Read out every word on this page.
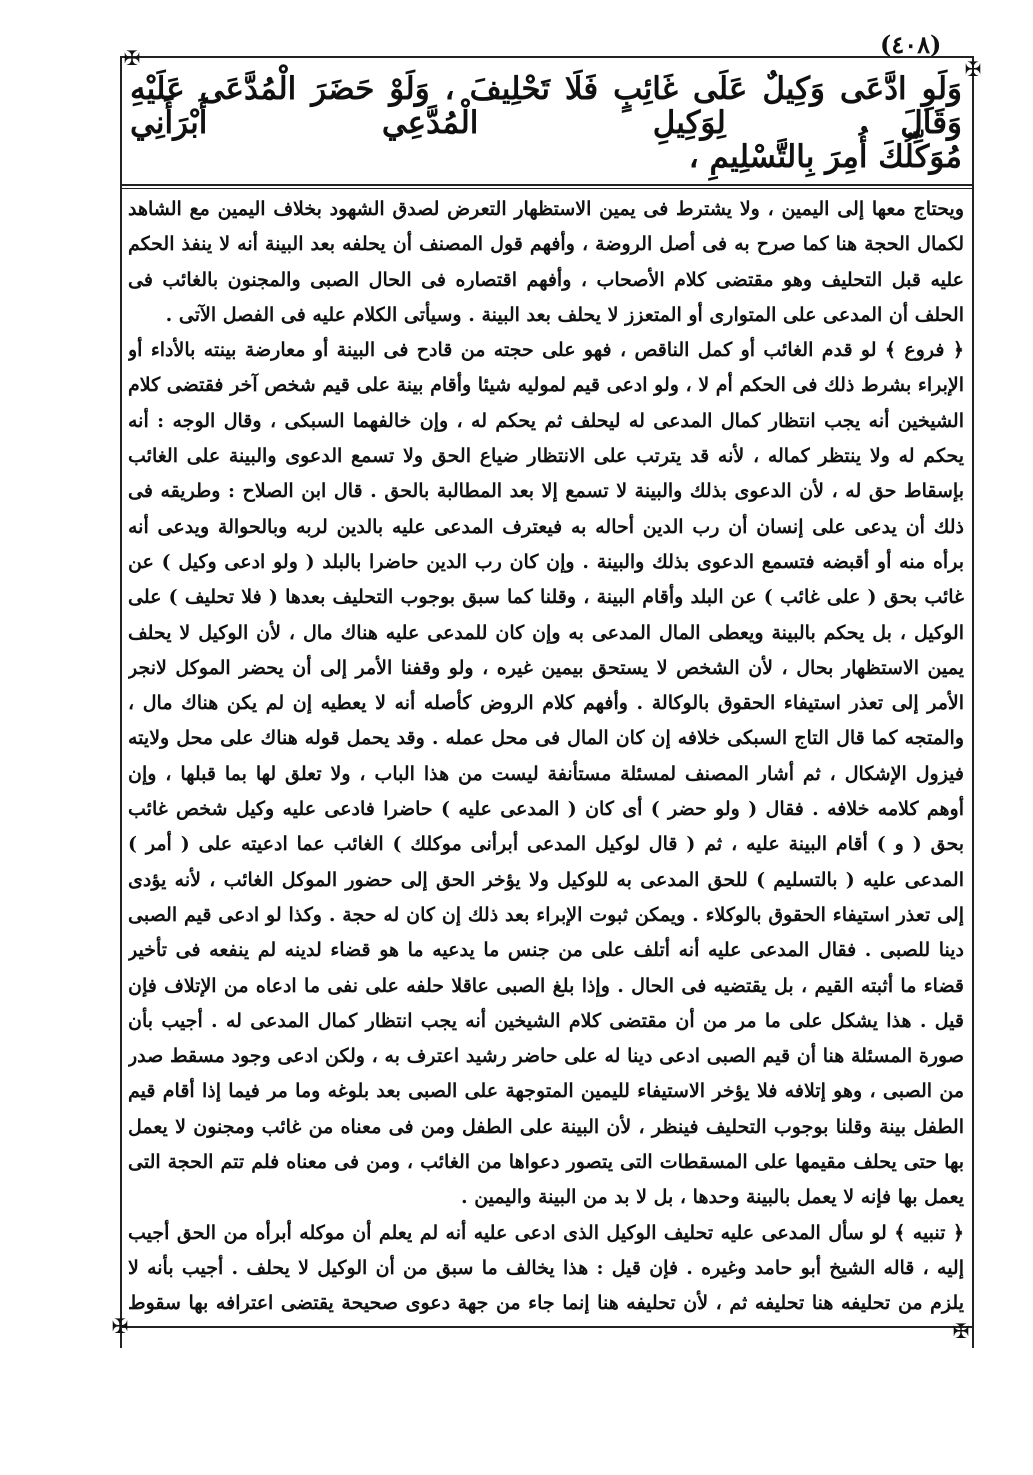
(٤٠٨)
✠	✠
✠	✠
وَلَوِ ادَّعَى وَكِيلٌ عَلَى غَائِبٍ فَلَا تَحْلِيفَ ، وَلَوْ حَضَرَ الْمُدَّعَى عَلَيْهِ وَقَالَ لِوَكِيلِ الْمُدَّعِي أَبْرَأَنِي
مُوَكِّلُكَ أُمِرَ بِالتَّسْلِيمِ ،

ويحتاج معها إلى اليمين ، ولا يشترط فى يمين الاستظهار التعرض لصدق الشهود بخلاف اليمين مع الشاهد لكمال الحجة هنا كما صرح به فى أصل الروضة ، وأفهم قول المصنف أن يحلفه بعد البينة أنه لا ينفذ الحكم عليه قبل التحليف وهو مقتضى كلام الأصحاب ، وأفهم اقتصاره فى الحال الصبى والمجنون بالغائب فى الحلف أن المدعى على المتوارى أو المتعزز لا يحلف بعد البينة . وسيأتى الكلام عليه فى الفصل الآتى .

﴿ فروع ﴾ لو قدم الغائب أو كمل الناقص ، فهو على حجته من قادح فى البينة أو معارضة بينته بالأداء أو الإبراء بشرط ذلك فى الحكم أم لا ، ولو ادعى قيم لموليه شيئا وأقام بينة على قيم شخص آخر فقتضى كلام الشيخين أنه يجب انتظار كمال المدعى له ليحلف ثم يحكم له ، وإن خالفهما السبكى ، وقال الوجه : أنه يحكم له ولا ينتظر كماله ، لأنه قد يترتب على الانتظار ضياع الحق ولا تسمع الدعوى والبينة على الغائب بإسقاط حق له ، لأن الدعوى بذلك والبينة لا تسمع إلا بعد المطالبة بالحق . قال ابن الصلاح : وطريقه فى ذلك أن يدعى على إنسان أن رب الدين أحاله به فيعترف المدعى عليه بالدين لربه وبالحوالة ويدعى أنه برأه منه أو أقبضه فتسمع الدعوى بذلك والبينة . وإن كان رب الدين حاضرا بالبلد ( ولو ادعى وكيل ) عن غائب بحق ( على غائب ) عن البلد وأقام البينة ، وقلنا كما سبق بوجوب التحليف بعدها ( فلا تحليف ) على الوكيل ، بل يحكم بالبينة ويعطى المال المدعى به وإن كان للمدعى عليه هناك مال ، لأن الوكيل لا يحلف يمين الاستظهار بحال ، لأن الشخص لا يستحق بيمين غيره ، ولو وقفنا الأمر إلى أن يحضر الموكل لانجر الأمر إلى تعذر استيفاء الحقوق بالوكالة . وأفهم كلام الروض كأصله أنه لا يعطيه إن لم يكن هناك مال ، والمتجه كما قال التاج السبكى خلافه إن كان المال فى محل عمله . وقد يحمل قوله هناك على محل ولايته فيزول الإشكال ، ثم أشار المصنف لمسئلة مستأنفة ليست من هذا الباب ، ولا تعلق لها بما قبلها ، وإن أوهم كلامه خلافه . فقال ( ولو حضر ) أى كان ( المدعى عليه ) حاضرا فادعى عليه وكيل شخص غائب بحق ( و ) أقام البينة عليه ، ثم ( قال لوكيل المدعى أبرأنى موكلك ) الغائب عما ادعيته على ( أمر ) المدعى عليه ( بالتسليم ) للحق المدعى به للوكيل ولا يؤخر الحق إلى حضور الموكل الغائب ، لأنه يؤدى إلى تعذر استيفاء الحقوق بالوكلاء . ويمكن ثبوت الإبراء بعد ذلك إن كان له حجة . وكذا لو ادعى قيم الصبى دينا للصبى . فقال المدعى عليه أنه أتلف على من جنس ما يدعيه ما هو قضاء لدينه لم ينفعه فى تأخير قضاء ما أثبته القيم ، بل يقتضيه فى الحال . وإذا بلغ الصبى عاقلا حلفه على نفى ما ادعاه من الإتلاف فإن قيل . هذا يشكل على ما مر من أن مقتضى كلام الشيخين أنه يجب انتظار كمال المدعى له . أجيب بأن صورة المسئلة هنا أن قيم الصبى ادعى دينا له على حاضر رشيد اعترف به ، ولكن ادعى وجود مسقط صدر من الصبى ، وهو إتلافه فلا يؤخر الاستيفاء لليمين المتوجهة على الصبى بعد بلوغه وما مر فيما إذا أقام قيم الطفل بينة وقلنا بوجوب التحليف فينظر ، لأن البينة على الطفل ومن فى معناه من غائب ومجنون لا يعمل بها حتى يحلف مقيمها على المسقطات التى يتصور دعواها من الغائب ، ومن فى معناه فلم تتم الحجة التى يعمل بها فإنه لا يعمل بالبينة وحدها ، بل لا بد من البينة واليمين .

﴿ تنبيه ﴾ لو سأل المدعى عليه تحليف الوكيل الذى ادعى عليه أنه لم يعلم أن موكله أبرأه من الحق أجيب إليه ، قاله الشيخ أبو حامد وغيره . فإن قيل : هذا يخالف ما سبق من أن الوكيل لا يحلف . أجيب بأنه لا يلزم من تحليفه هنا تحليفه ثم ، لأن تحليفه هنا إنما جاء من جهة دعوى صحيحة يقتضى اعترافه بها سقوط
